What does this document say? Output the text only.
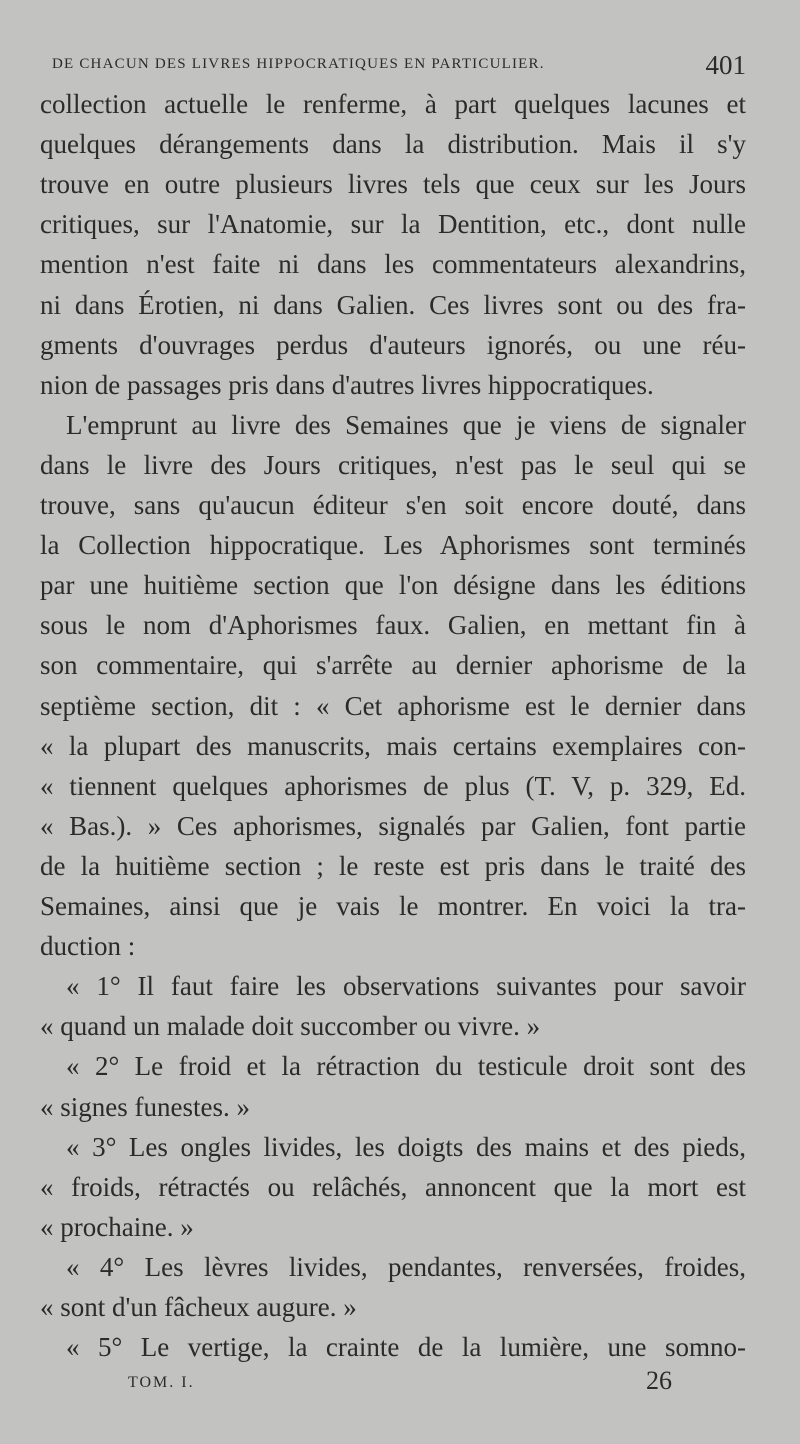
DE CHACUN DES LIVRES HIPPOCRATIQUES EN PARTICULIER.	401
collection actuelle le renferme, à part quelques lacunes et
quelques dérangements dans la distribution. Mais il s'y
trouve en outre plusieurs livres tels que ceux sur les Jours
critiques, sur l'Anatomie, sur la Dentition, etc., dont nulle
mention n'est faite ni dans les commentateurs alexandrins,
ni dans Érotien, ni dans Galien. Ces livres sont ou des fra-
gments d'ouvrages perdus d'auteurs ignorés, ou une réu-
nion de passages pris dans d'autres livres hippocratiques.
L'emprunt au livre des Semaines que je viens de signaler
dans le livre des Jours critiques, n'est pas le seul qui se
trouve, sans qu'aucun éditeur s'en soit encore douté, dans
la Collection hippocratique. Les Aphorismes sont terminés
par une huitième section que l'on désigne dans les éditions
sous le nom d'Aphorismes faux. Galien, en mettant fin à
son commentaire, qui s'arrête au dernier aphorisme de la
septième section, dit : « Cet aphorisme est le dernier dans
« la plupart des manuscrits, mais certains exemplaires con-
« tiennent quelques aphorismes de plus (T. V, p. 329, Ed.
« Bas.). » Ces aphorismes, signalés par Galien, font partie
de la huitième section ; le reste est pris dans le traité des
Semaines, ainsi que je vais le montrer. En voici la tra-
duction :
« 1° Il faut faire les observations suivantes pour savoir
« quand un malade doit succomber ou vivre. »
« 2° Le froid et la rétraction du testicule droit sont des
« signes funestes. »
« 3° Les ongles livides, les doigts des mains et des pieds,
« froids, rétractés ou relâchés, annoncent que la mort est
« prochaine. »
« 4° Les lèvres livides, pendantes, renversées, froides,
« sont d'un fâcheux augure. »
« 5° Le vertige, la crainte de la lumière, une somno-
TOM. I.	26
